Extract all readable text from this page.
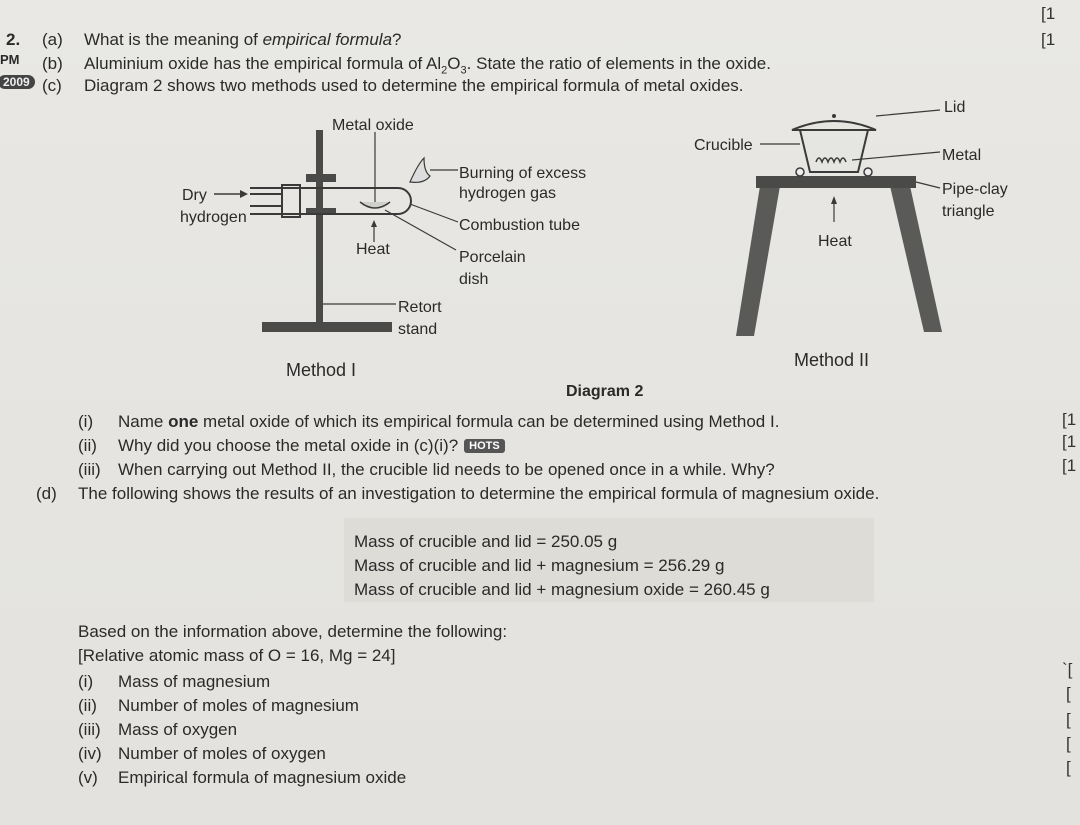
PM
2009
[1
2. (a) What is the meaning of empirical formula?	[1
(b) Aluminium oxide has the empirical formula of $Al_2O_3$. State the ratio of elements in the oxide.
(c) Diagram 2 shows two methods used to determine the empirical formula of metal oxides.
Metal oxide
Dry
hydrogen
Burning of excess
hydrogen gas
Combustion tube
Heat	Porcelain
dish
Retort
stand
Method I
Lid
Crucible
Metal
Pipe-clay
triangle
Heat
Method II
Diagram 2
(i) Name one metal oxide of which its empirical formula can be determined using Method I.	[1
(ii) Why did you choose the metal oxide in (c)(i)? HOTS	[1
(iii) When carrying out Method II, the crucible lid needs to be opened once in a while. Why?	[1
(d) The following shows the results of an investigation to determine the empirical formula of magnesium oxide.
Mass of crucible and lid = 250.05 g
Mass of crucible and lid + magnesium = 256.29 g
Mass of crucible and lid + magnesium oxide = 260.45 g
Based on the information above, determine the following:
[Relative atomic mass of O = 16, Mg = 24]
(i) Mass of magnesium
(ii) Number of moles of magnesium
(iii) Mass of oxygen
(iv) Number of moles of oxygen
(v) Empirical formula of magnesium oxide
`[
[
[
[
[
